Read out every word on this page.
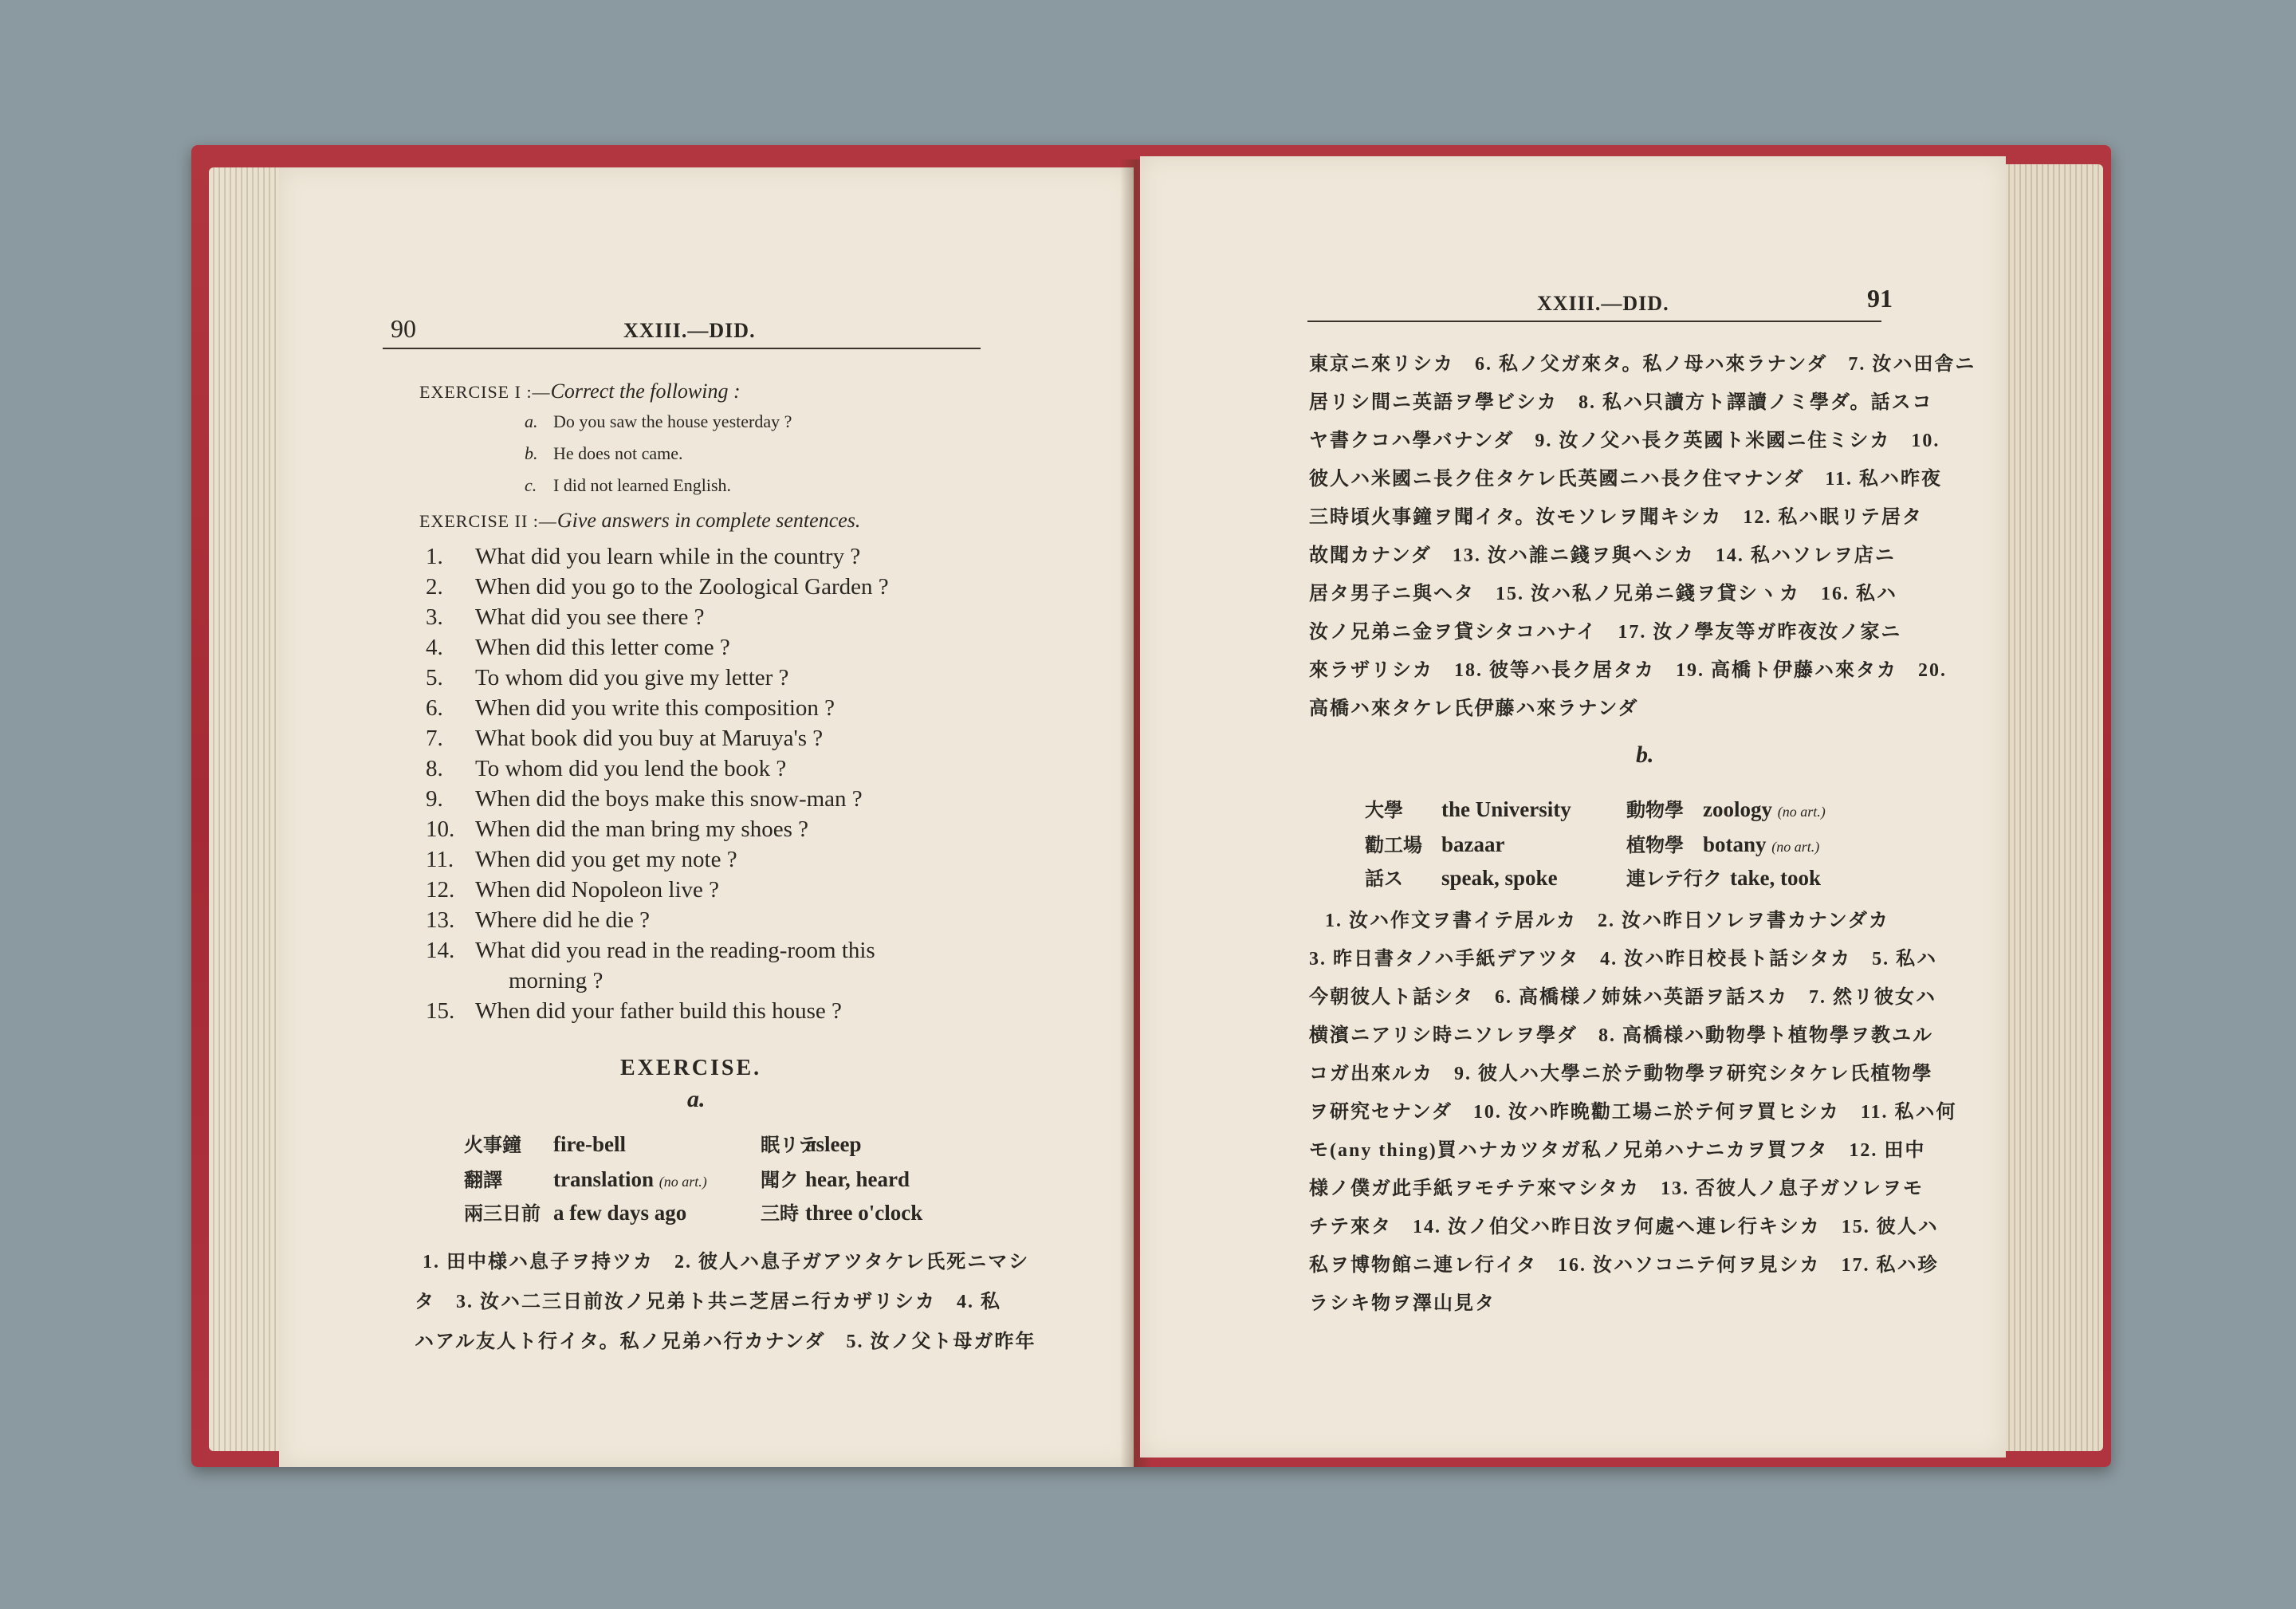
90	XXIII.—DID.
EXERCISE I :—Correct the following :
a. Do you saw the house yesterday ?
b. He does not came.
c. I did not learned English.
EXERCISE II :—Give answers in complete sentences.
1. What did you learn while in the country ?
2. When did you go to the Zoological Garden ?
3. What did you see there ?
4. When did this letter come ?
5. To whom did you give my letter ?
6. When did you write this composition ?
7. What book did you buy at Maruya's ?
8. To whom did you lend the book ?
9. When did the boys make this snow-man ?
10. When did the man bring my shoes ?
11. When did you get my note ?
12. When did Nopoleon live ?
13. Where did he die ?
14. What did you read in the reading-room this
morning ?
15. When did your father build this house ?
EXERCISE.
a.
火事鐘 fire-bell	眠リテasleep
翻譯 translation (no art.)	聞ク hear, heard
兩三日前 a few days ago	三時 three o'clock
1. 田中様ハ息子ヲ持ツカ　2. 彼人ハ息子ガアツタケレ氏死ニマシ
タ　3. 汝ハ二三日前汝ノ兄弟ト共ニ芝居ニ行カザリシカ　4. 私
ハアル友人ト行イタ。私ノ兄弟ハ行カナンダ　5. 汝ノ父ト母ガ昨年
XXIII.—DID.	91
東京ニ來リシカ　6. 私ノ父ガ來タ。私ノ母ハ來ラナンダ　7. 汝ハ田舎ニ
居リシ間ニ英語ヲ學ビシカ　8. 私ハ只讀方ト譯讀ノミ學ダ。話スコ
ヤ書クコハ學バナンダ　9. 汝ノ父ハ長ク英國ト米國ニ住ミシカ　10.
彼人ハ米國ニ長ク住タケレ氏英國ニハ長ク住マナンダ　11. 私ハ昨夜
三時頃火事鐘ヲ聞イタ。汝モソレヲ聞キシカ　12. 私ハ眠リテ居タ
故聞カナンダ　13. 汝ハ誰ニ錢ヲ與ヘシカ　14. 私ハソレヲ店ニ
居タ男子ニ與ヘタ　15. 汝ハ私ノ兄弟ニ錢ヲ貸シヽカ　16. 私ハ
汝ノ兄弟ニ金ヲ貸シタコハナイ　17. 汝ノ學友等ガ昨夜汝ノ家ニ
來ラザリシカ　18. 彼等ハ長ク居タカ　19. 高橋ト伊藤ハ來タカ　20.
高橋ハ來タケレ氏伊藤ハ來ラナンダ
b.
大學 the University	動物學 zoology (no art.)
勸工場 bazaar	植物學 botany (no art.)
話ス speak, spoke	連レテ行ク take, took
1. 汝ハ作文ヲ書イテ居ルカ　2. 汝ハ昨日ソレヲ書カナンダカ
3. 昨日書タノハ手紙デアツタ　4. 汝ハ昨日校長ト話シタカ　5. 私ハ
今朝彼人ト話シタ　6. 高橋様ノ姉妹ハ英語ヲ話スカ　7. 然リ彼女ハ
横濱ニアリシ時ニソレヲ學ダ　8. 高橋様ハ動物學ト植物學ヲ教ユル
コガ出來ルカ　9. 彼人ハ大學ニ於テ動物學ヲ研究シタケレ氏植物學
ヲ研究セナンダ　10. 汝ハ昨晩勸工場ニ於テ何ヲ買ヒシカ　11. 私ハ何
モ(any thing)買ハナカツタガ私ノ兄弟ハナニカヲ買フタ　12. 田中
様ノ僕ガ此手紙ヲモチテ來マシタカ　13. 否彼人ノ息子ガソレヲモ
チテ來タ　14. 汝ノ伯父ハ昨日汝ヲ何處ヘ連レ行キシカ　15. 彼人ハ
私ヲ博物館ニ連レ行イタ　16. 汝ハソコニテ何ヲ見シカ　17. 私ハ珍
ラシキ物ヲ澤山見タ
